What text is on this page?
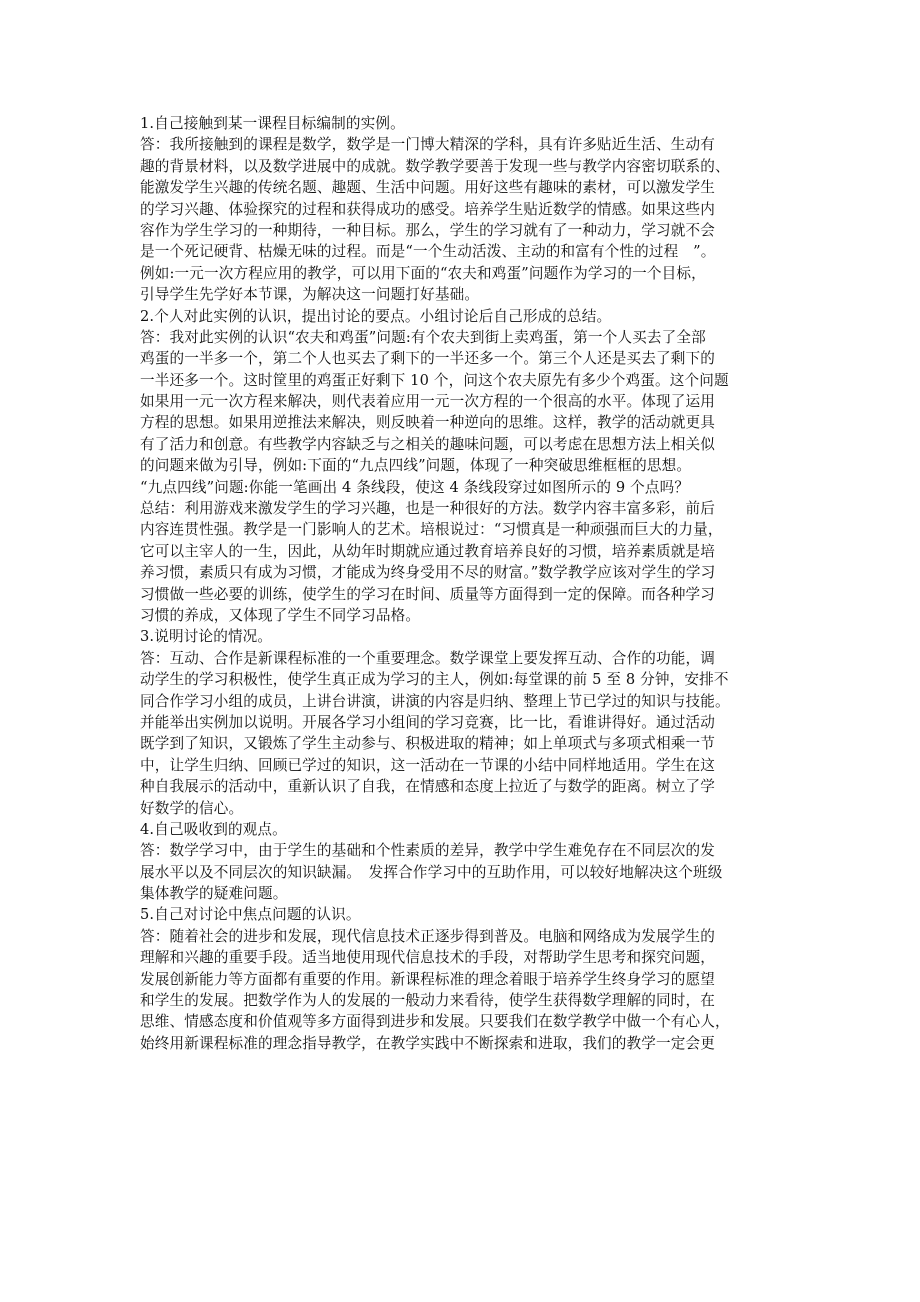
1.自己接触到某一课程目标编制的实例。
答：我所接触到的课程是数学，数学是一门博大精深的学科，具有许多贴近生活、生动有
趣的背景材料，以及数学进展中的成就。数学教学要善于发现一些与教学内容密切联系的、
能激发学生兴趣的传统名题、趣题、生活中问题。用好这些有趣味的素材，可以激发学生
的学习兴趣、体验探究的过程和获得成功的感受。培养学生贴近数学的情感。如果这些内
容作为学生学习的一种期待，一种目标。那么，学生的学习就有了一种动力，学习就不会
是一个死记硬背、枯燥无味的过程。而是“一个生动活泼、主动的和富有个性的过程　”。
例如:一元一次方程应用的教学，可以用下面的“农夫和鸡蛋”问题作为学习的一个目标，
引导学生先学好本节课，为解决这一问题打好基础。
2.个人对此实例的认识，提出讨论的要点。小组讨论后自己形成的总结。
答：我对此实例的认识“农夫和鸡蛋”问题:有个农夫到街上卖鸡蛋，第一个人买去了全部
鸡蛋的一半多一个，第二个人也买去了剩下的一半还多一个。第三个人还是买去了剩下的
一半还多一个。这时筐里的鸡蛋正好剩下 10 个，问这个农夫原先有多少个鸡蛋。这个问题
如果用一元一次方程来解决，则代表着应用一元一次方程的一个很高的水平。体现了运用
方程的思想。如果用逆推法来解决，则反映着一种逆向的思维。这样，教学的活动就更具
有了活力和创意。有些教学内容缺乏与之相关的趣味问题，可以考虑在思想方法上相关似
的问题来做为引导，例如:下面的“九点四线”问题，体现了一种突破思维框框的思想。
“九点四线”问题:你能一笔画出 4 条线段，使这 4 条线段穿过如图所示的 9 个点吗？
总结：利用游戏来激发学生的学习兴趣，也是一种很好的方法。数学内容丰富多彩，前后
内容连贯性强。教学是一门影响人的艺术。培根说过：“习惯真是一种顽强而巨大的力量，
它可以主宰人的一生，因此，从幼年时期就应通过教育培养良好的习惯，培养素质就是培
养习惯，素质只有成为习惯，才能成为终身受用不尽的财富。”数学教学应该对学生的学习
习惯做一些必要的训练，使学生的学习在时间、质量等方面得到一定的保障。而各种学习
习惯的养成，又体现了学生不同学习品格。
3.说明讨论的情况。
答：互动、合作是新课程标准的一个重要理念。数学课堂上要发挥互动、合作的功能，调
动学生的学习积极性，使学生真正成为学习的主人，例如:每堂课的前 5 至 8 分钟，安排不
同合作学习小组的成员，上讲台讲演，讲演的内容是归纳、整理上节已学过的知识与技能。
并能举出实例加以说明。开展各学习小组间的学习竞赛，比一比，看谁讲得好。通过活动
既学到了知识，又锻炼了学生主动参与、积极进取的精神；如上单项式与多项式相乘一节
中，让学生归纳、回顾已学过的知识，这一活动在一节课的小结中同样地适用。学生在这
种自我展示的活动中，重新认识了自我，在情感和态度上拉近了与数学的距离。树立了学
好数学的信心。
4.自己吸收到的观点。
答：数学学习中，由于学生的基础和个性素质的差异，教学中学生难免存在不同层次的发
展水平以及不同层次的知识缺漏。　发挥合作学习中的互助作用，可以较好地解决这个班级
集体教学的疑难问题。
5.自己对讨论中焦点问题的认识。
答：随着社会的进步和发展，现代信息技术正逐步得到普及。电脑和网络成为发展学生的
理解和兴趣的重要手段。适当地使用现代信息技术的手段，对帮助学生思考和探究问题，
发展创新能力等方面都有重要的作用。新课程标准的理念着眼于培养学生终身学习的愿望
和学生的发展。把数学作为人的发展的一般动力来看待，使学生获得数学理解的同时，在
思维、情感态度和价值观等多方面得到进步和发展。只要我们在数学教学中做一个有心人，
始终用新课程标准的理念指导教学，在教学实践中不断探索和进取，我们的教学一定会更
